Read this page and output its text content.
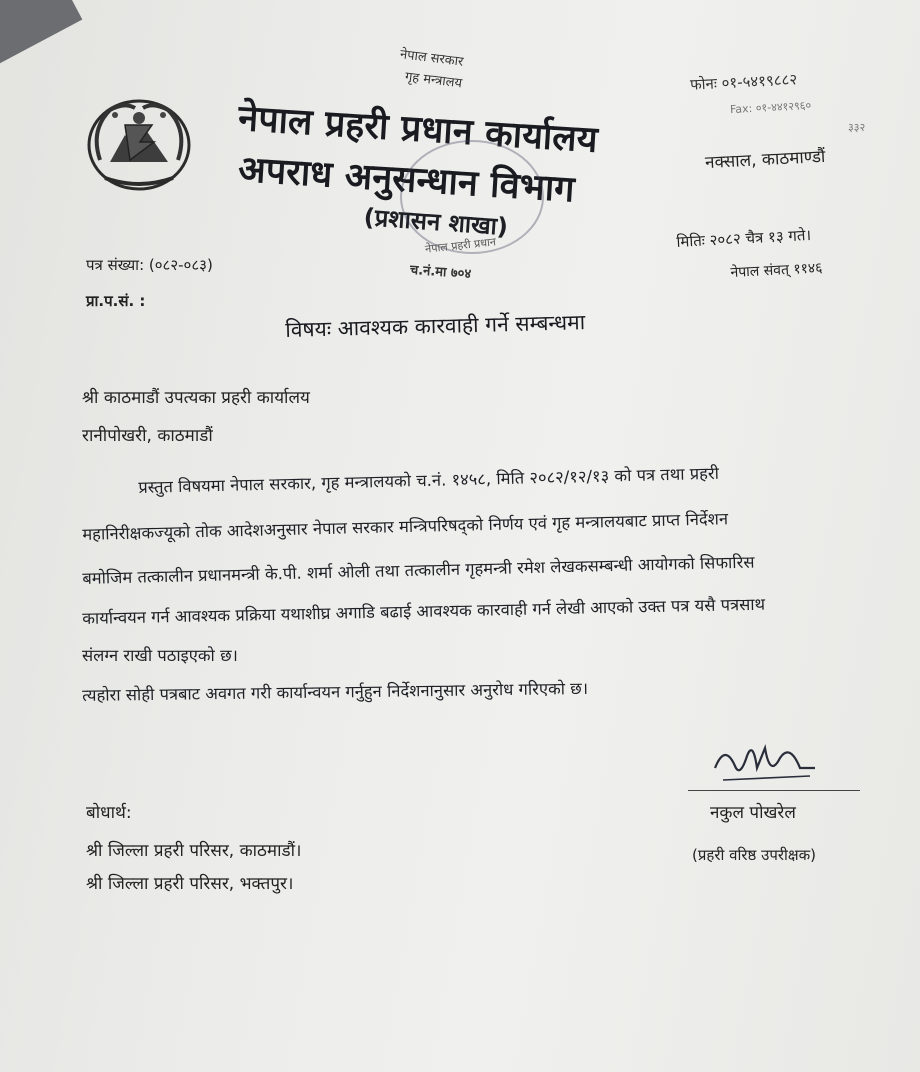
नेपाल सरकार
गृह मन्त्रालय
नेपाल प्रहरी प्रधान कार्यालय
अपराध अनुसन्धान विभाग
(प्रशासन शाखा)
नेपाल प्रहरी प्रधान
च.नं.मा ७०४
फोनः ०१-५४१९८८२
Fax: ०१-४४१२९६०
३३२
नक्साल, काठमाण्डौं
पत्र संख्या: (०८२-०८३)
प्रा.प.सं. :
मितिः २०८२ चैत्र १३ गते।
नेपाल संवत् ११४६
विषयः आवश्यक कारवाही गर्ने सम्बन्धमा
श्री काठमाडौं उपत्यका प्रहरी कार्यालय
रानीपोखरी, काठमाडौं
प्रस्तुत विषयमा नेपाल सरकार, गृह मन्त्रालयको च.नं. १४५८, मिति २०८२/१२/१३ को पत्र तथा प्रहरी
महानिरीक्षकज्यूको तोक आदेशअनुसार नेपाल सरकार मन्त्रिपरिषद्को निर्णय एवं गृह मन्त्रालयबाट प्राप्त निर्देशन
बमोजिम तत्कालीन प्रधानमन्त्री के.पी. शर्मा ओली तथा तत्कालीन गृहमन्त्री रमेश लेखकसम्बन्धी आयोगको सिफारिस
कार्यान्वयन गर्न आवश्यक प्रक्रिया यथाशीघ्र अगाडि बढाई आवश्यक कारवाही गर्न लेखी आएको उक्त पत्र यसै पत्रसाथ
संलग्न राखी पठाइएको छ।
त्यहोरा सोही पत्रबाट अवगत गरी कार्यान्वयन गर्नुहुन निर्देशनानुसार अनुरोध गरिएको छ।
नकुल पोखरेल
(प्रहरी वरिष्ठ उपरीक्षक)
बोधार्थ:
श्री जिल्ला प्रहरी परिसर, काठमाडौं।
श्री जिल्ला प्रहरी परिसर, भक्तपुर।
